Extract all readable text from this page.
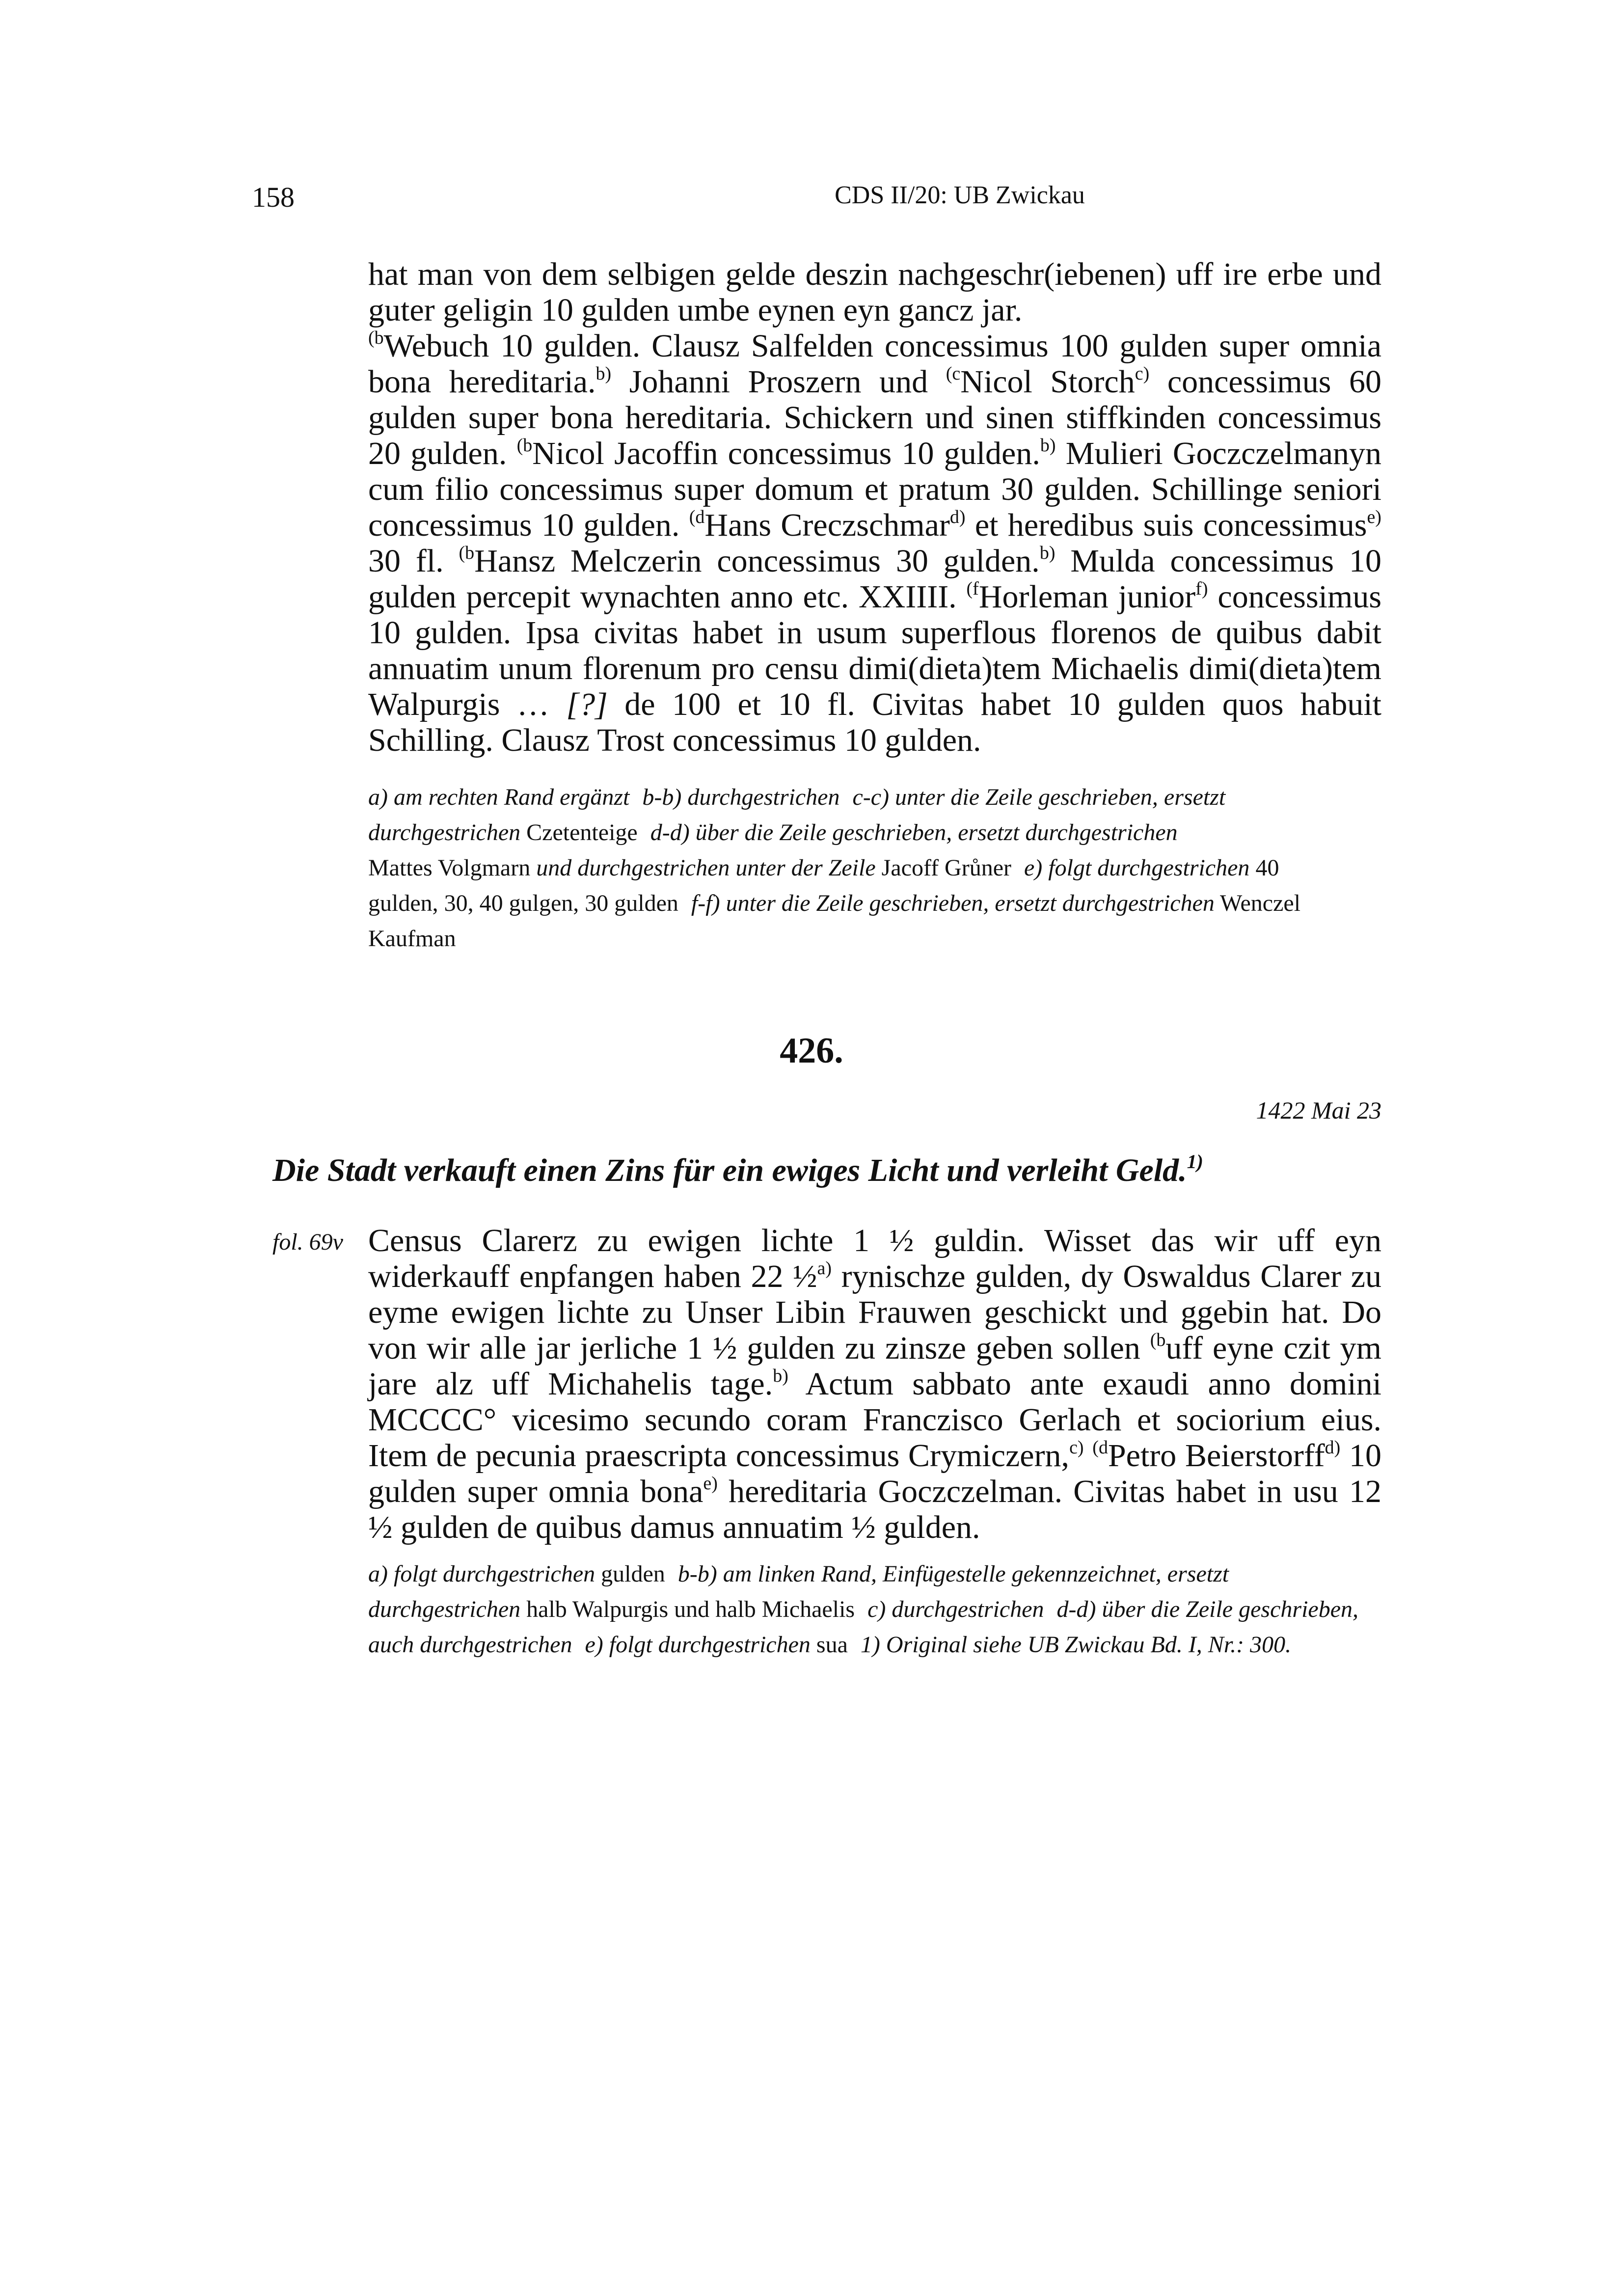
158	CDS II/20: UB Zwickau
hat man von dem selbigen gelde deszin nachgeschr(iebenen) uff ire erbe und guter geligin 10 gulden umbe eynen eyn gancz jar.
$^{(b}$Webuch 10 gulden. Clausz Salfelden concessimus 100 gulden super omnia bona hereditaria.$^{b)}$ Johanni Proszern und $^{(c}$Nicol Storch$^{c)}$ concessimus 60 gulden super bona hereditaria. Schickern und sinen stiffkinden concessimus 20 gulden. $^{(b}$Nicol Jacoffin concessimus 10 gulden.$^{b)}$ Mulieri Goczczelmanyn cum filio concessimus super domum et pratum 30 gulden. Schillinge seniori concessimus 10 gulden. $^{(d}$Hans Creczschmar$^{d)}$ et heredibus suis concessimus$^{e)}$ 30 fl. $^{(b}$Hansz Melczerin concessimus 30 gulden.$^{b)}$ Mulda concessimus 10 gulden percepit wynachten anno etc. XXIIII. $^{(f}$Horleman junior$^{f)}$ concessimus 10 gulden. Ipsa civitas habet in usum superflous florenos de quibus dabit annuatim unum florenum pro censu dimi(dieta)tem Michaelis dimi(dieta)tem Walpurgis … [?] de 100 et 10 fl. Civitas habet 10 gulden quos habuit Schilling. Clausz Trost concessimus 10 gulden.
a) am rechten Rand ergänzt b-b) durchgestrichen c-c) unter die Zeile geschrieben, ersetzt durchgestrichen Czetenteige d-d) über die Zeile geschrieben, ersetzt durchgestrichen
Mattes Volgmarn und durchgestrichen unter der Zeile Jacoff Grůner e) folgt durchgestrichen 40 gulden, 30, 40 gulgen, 30 gulden f-f) unter die Zeile geschrieben, ersetzt durchgestrichen Wenczel Kaufman
426.
1422 Mai 23
Die Stadt verkauft einen Zins für ein ewiges Licht und verleiht Geld.$^{1)}$
fol. 69v Census Clarerz zu ewigen lichte 1 ½ guldin. Wisset das wir uff eyn widerkauff enpfangen haben 22 ½$^{a)}$ rynischze gulden, dy Oswaldus Clarer zu eyme ewigen lichte zu Unser Libin Frauwen geschickt und ggebin hat. Do von wir alle jar jerliche 1 ½ gulden zu zinsze geben sollen $^{(b}$uff eyne czit ym jare alz uff Michahelis tage.$^{b)}$ Actum sabbato ante exaudi anno domini MCCCC° vicesimo secundo coram Franczisco Gerlach et sociorium eius. Item de pecunia praescripta concessimus Crymiczern,$^{c)}$ $^{(d}$Petro Beierstorff$^{d)}$ 10 gulden super omnia bona$^{e)}$ hereditaria Goczczelman. Civitas habet in usu 12 ½ gulden de quibus damus annuatim ½ gulden.
a) folgt durchgestrichen gulden b-b) am linken Rand, Einfügestelle gekennzeichnet, ersetzt durchgestrichen halb Walpurgis und halb Michaelis c) durchgestrichen d-d) über die Zeile geschrieben, auch durchgestrichen e) folgt durchgestrichen sua 1) Original siehe UB Zwickau Bd. I, Nr.: 300.
